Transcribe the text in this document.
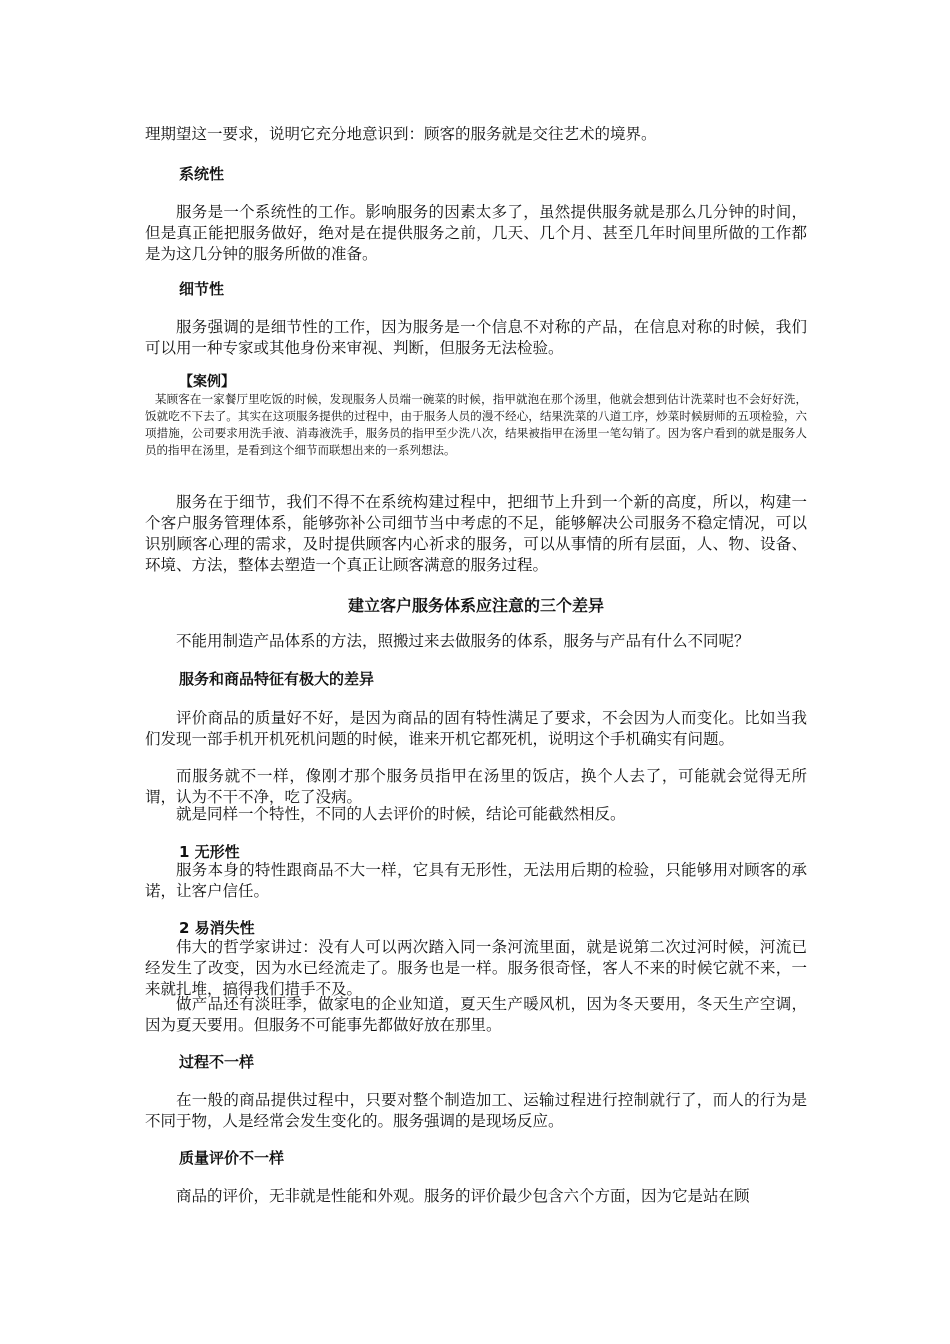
理期望这一要求，说明它充分地意识到：顾客的服务就是交往艺术的境界。

系统性

服务是一个系统性的工作。影响服务的因素太多了，虽然提供服务就是那么几分钟的时间，但是真正能把服务做好，绝对是在提供服务之前，几天、几个月、甚至几年时间里所做的工作都是为这几分钟的服务所做的准备。

细节性

服务强调的是细节性的工作，因为服务是一个信息不对称的产品，在信息对称的时候，我们可以用一种专家或其他身份来审视、判断，但服务无法检验。

【案例】

某顾客在一家餐厅里吃饭的时候，发现服务人员端一碗菜的时候，指甲就泡在那个汤里，他就会想到估计洗菜时也不会好好洗，饭就吃不下去了。其实在这项服务提供的过程中，由于服务人员的漫不经心，结果洗菜的八道工序，炒菜时候厨师的五项检验，六项措施，公司要求用洗手液、消毒液洗手，服务员的指甲至少洗八次，结果被指甲在汤里一笔勾销了。因为客户看到的就是服务人员的指甲在汤里，是看到这个细节而联想出来的一系列想法。

服务在于细节，我们不得不在系统构建过程中，把细节上升到一个新的高度，所以，构建一个客户服务管理体系，能够弥补公司细节当中考虑的不足，能够解决公司服务不稳定情况，可以识别顾客心理的需求，及时提供顾客内心祈求的服务，可以从事情的所有层面，人、物、设备、环境、方法，整体去塑造一个真正让顾客满意的服务过程。

建立客户服务体系应注意的三个差异

不能用制造产品体系的方法，照搬过来去做服务的体系，服务与产品有什么不同呢？

服务和商品特征有极大的差异

评价商品的质量好不好，是因为商品的固有特性满足了要求，不会因为人而变化。比如当我们发现一部手机开机死机问题的时候，谁来开机它都死机，说明这个手机确实有问题。

而服务就不一样，像刚才那个服务员指甲在汤里的饭店，换个人去了，可能就会觉得无所谓，认为不干不净，吃了没病。

就是同样一个特性，不同的人去评价的时候，结论可能截然相反。

1 无形性

服务本身的特性跟商品不大一样，它具有无形性，无法用后期的检验，只能够用对顾客的承诺，让客户信任。

2 易消失性

伟大的哲学家讲过：没有人可以两次踏入同一条河流里面，就是说第二次过河时候，河流已经发生了改变，因为水已经流走了。服务也是一样。服务很奇怪，客人不来的时候它就不来，一来就扎堆，搞得我们措手不及。

做产品还有淡旺季，做家电的企业知道，夏天生产暖风机，因为冬天要用，冬天生产空调，因为夏天要用。但服务不可能事先都做好放在那里。

过程不一样

在一般的商品提供过程中，只要对整个制造加工、运输过程进行控制就行了，而人的行为是不同于物，人是经常会发生变化的。服务强调的是现场反应。

质量评价不一样

商品的评价，无非就是性能和外观。服务的评价最少包含六个方面，因为它是站在顾
